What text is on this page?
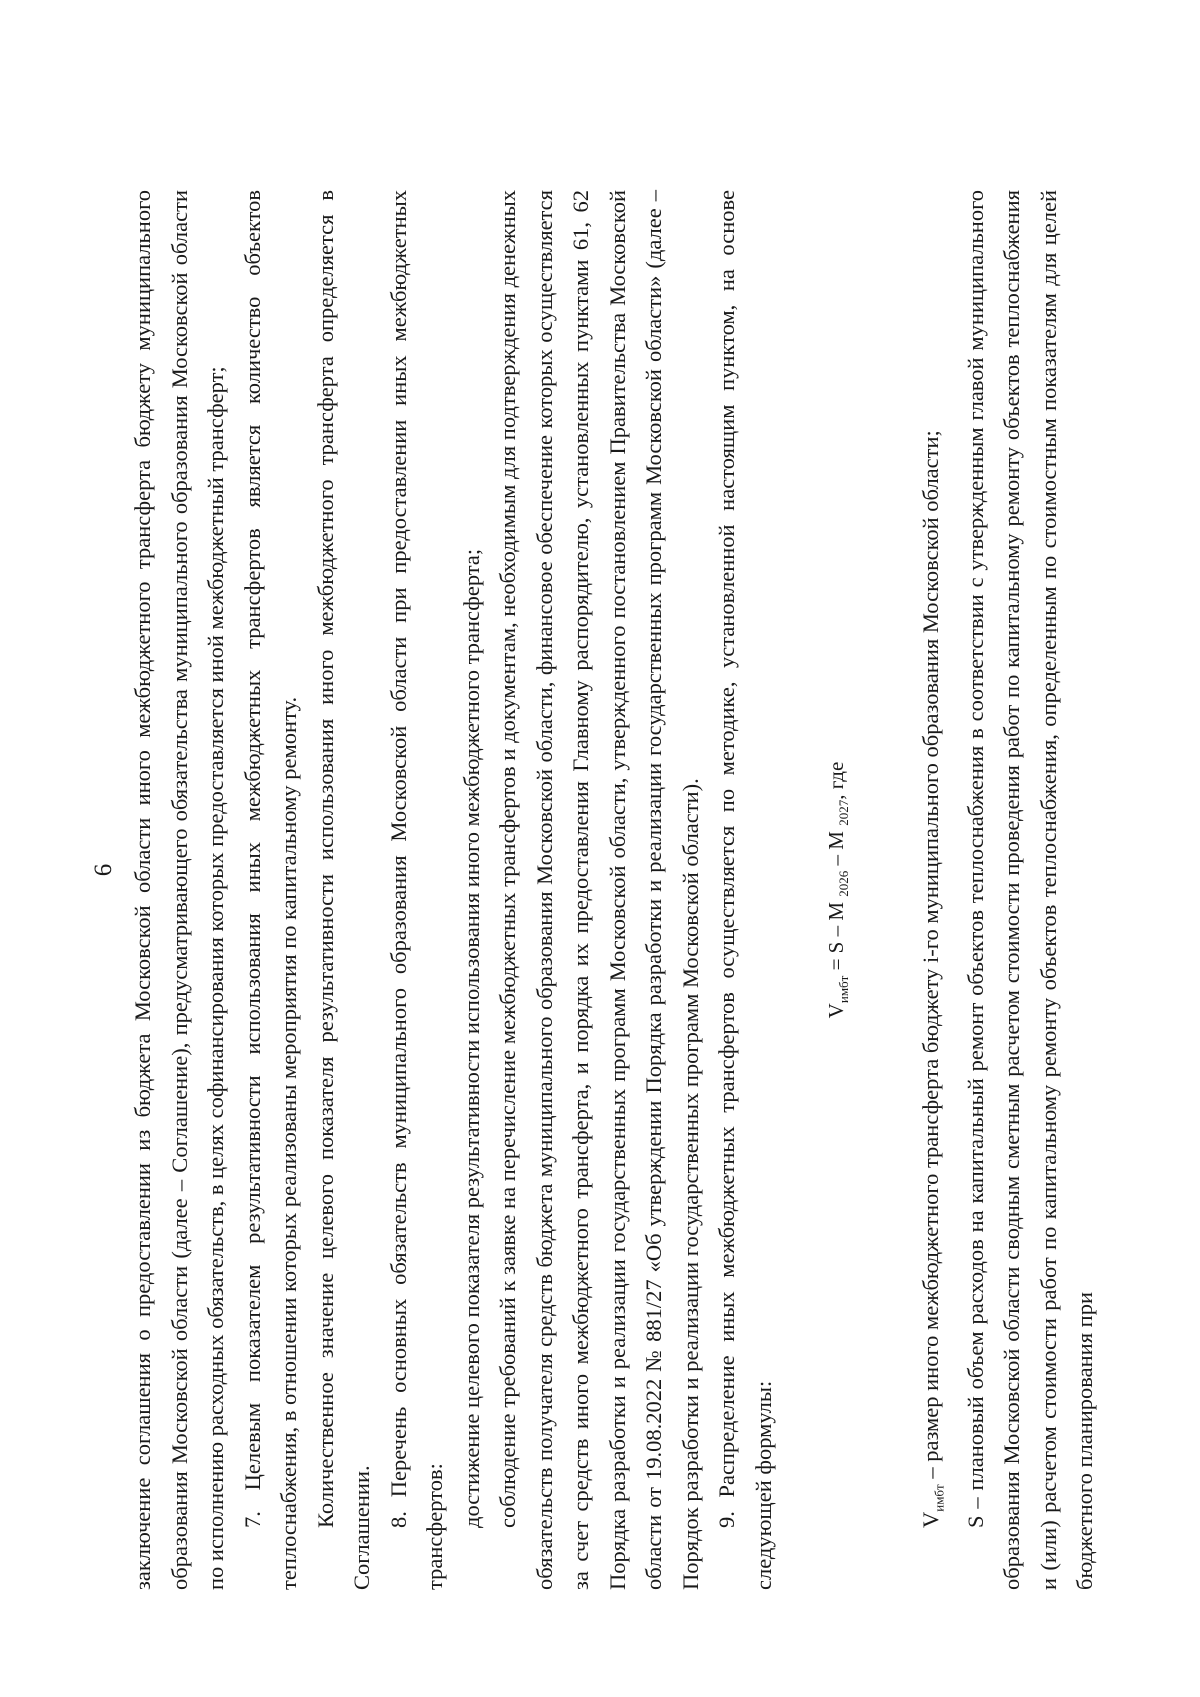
6 заключение соглашения о предоставлении из бюджета Московской области иного межбюджетного трансферта бюджету муниципального образования Московской области (далее – Соглашение), предусматривающего обязательства муниципального образования Московской области по исполнению расходных обязательств, в целях софинансирования которых предоставляется иной межбюджетный трансферт; 7. Целевым показателем результативности использования иных межбюджетных трансфертов является количество объектов теплоснабжения, в отношении которых реализованы мероприятия по капитальному ремонту. Количественное значение целевого показателя результативности использования иного межбюджетного трансферта определяется в Соглашении. 8. Перечень основных обязательств муниципального образования Московской области при предоставлении иных межбюджетных трансфертов: достижение целевого показателя результативности использования иного межбюджетного трансферта; соблюдение требований к заявке на перечисление межбюджетных трансфертов и документам, необходимым для подтверждения денежных обязательств получателя средств бюджета муниципального образования Московской области, финансовое обеспечение которых осуществляется за счет средств иного межбюджетного трансферта, и порядка их предоставления Главному распорядителю, установленных пунктами 61, 62 Порядка разработки и реализации государственных программ Московской области, утвержденного постановлением Правительства Московской области от 19.08.2022 № 881/27 «Об утверждении Порядка разработки и реализации государственных программ Московской области» (далее – Порядок разработки и реализации государственных программ Московской области). 9. Распределение иных межбюджетных трансфертов осуществляется по методике, установленной настоящим пунктом, на основе следующей формулы:

$V_{имбт} = S - M$ $_{2026}$ – M $_{2027}$, где

$V_{имбт}$ – размер иного межбюджетного трансферта бюджету i-го муниципального образования Московской области; S – плановый объем расходов на капитальный ремонт объектов теплоснабжения в соответствии с утвержденным главой муниципального образования Московской области сводным сметным расчетом стоимости проведения работ по капитальному ремонту объектов теплоснабжения и (или) расчетом стоимости работ по капитальному ремонту объектов теплоснабжения, определенным по стоимостным показателям для целей бюджетного планирования при
